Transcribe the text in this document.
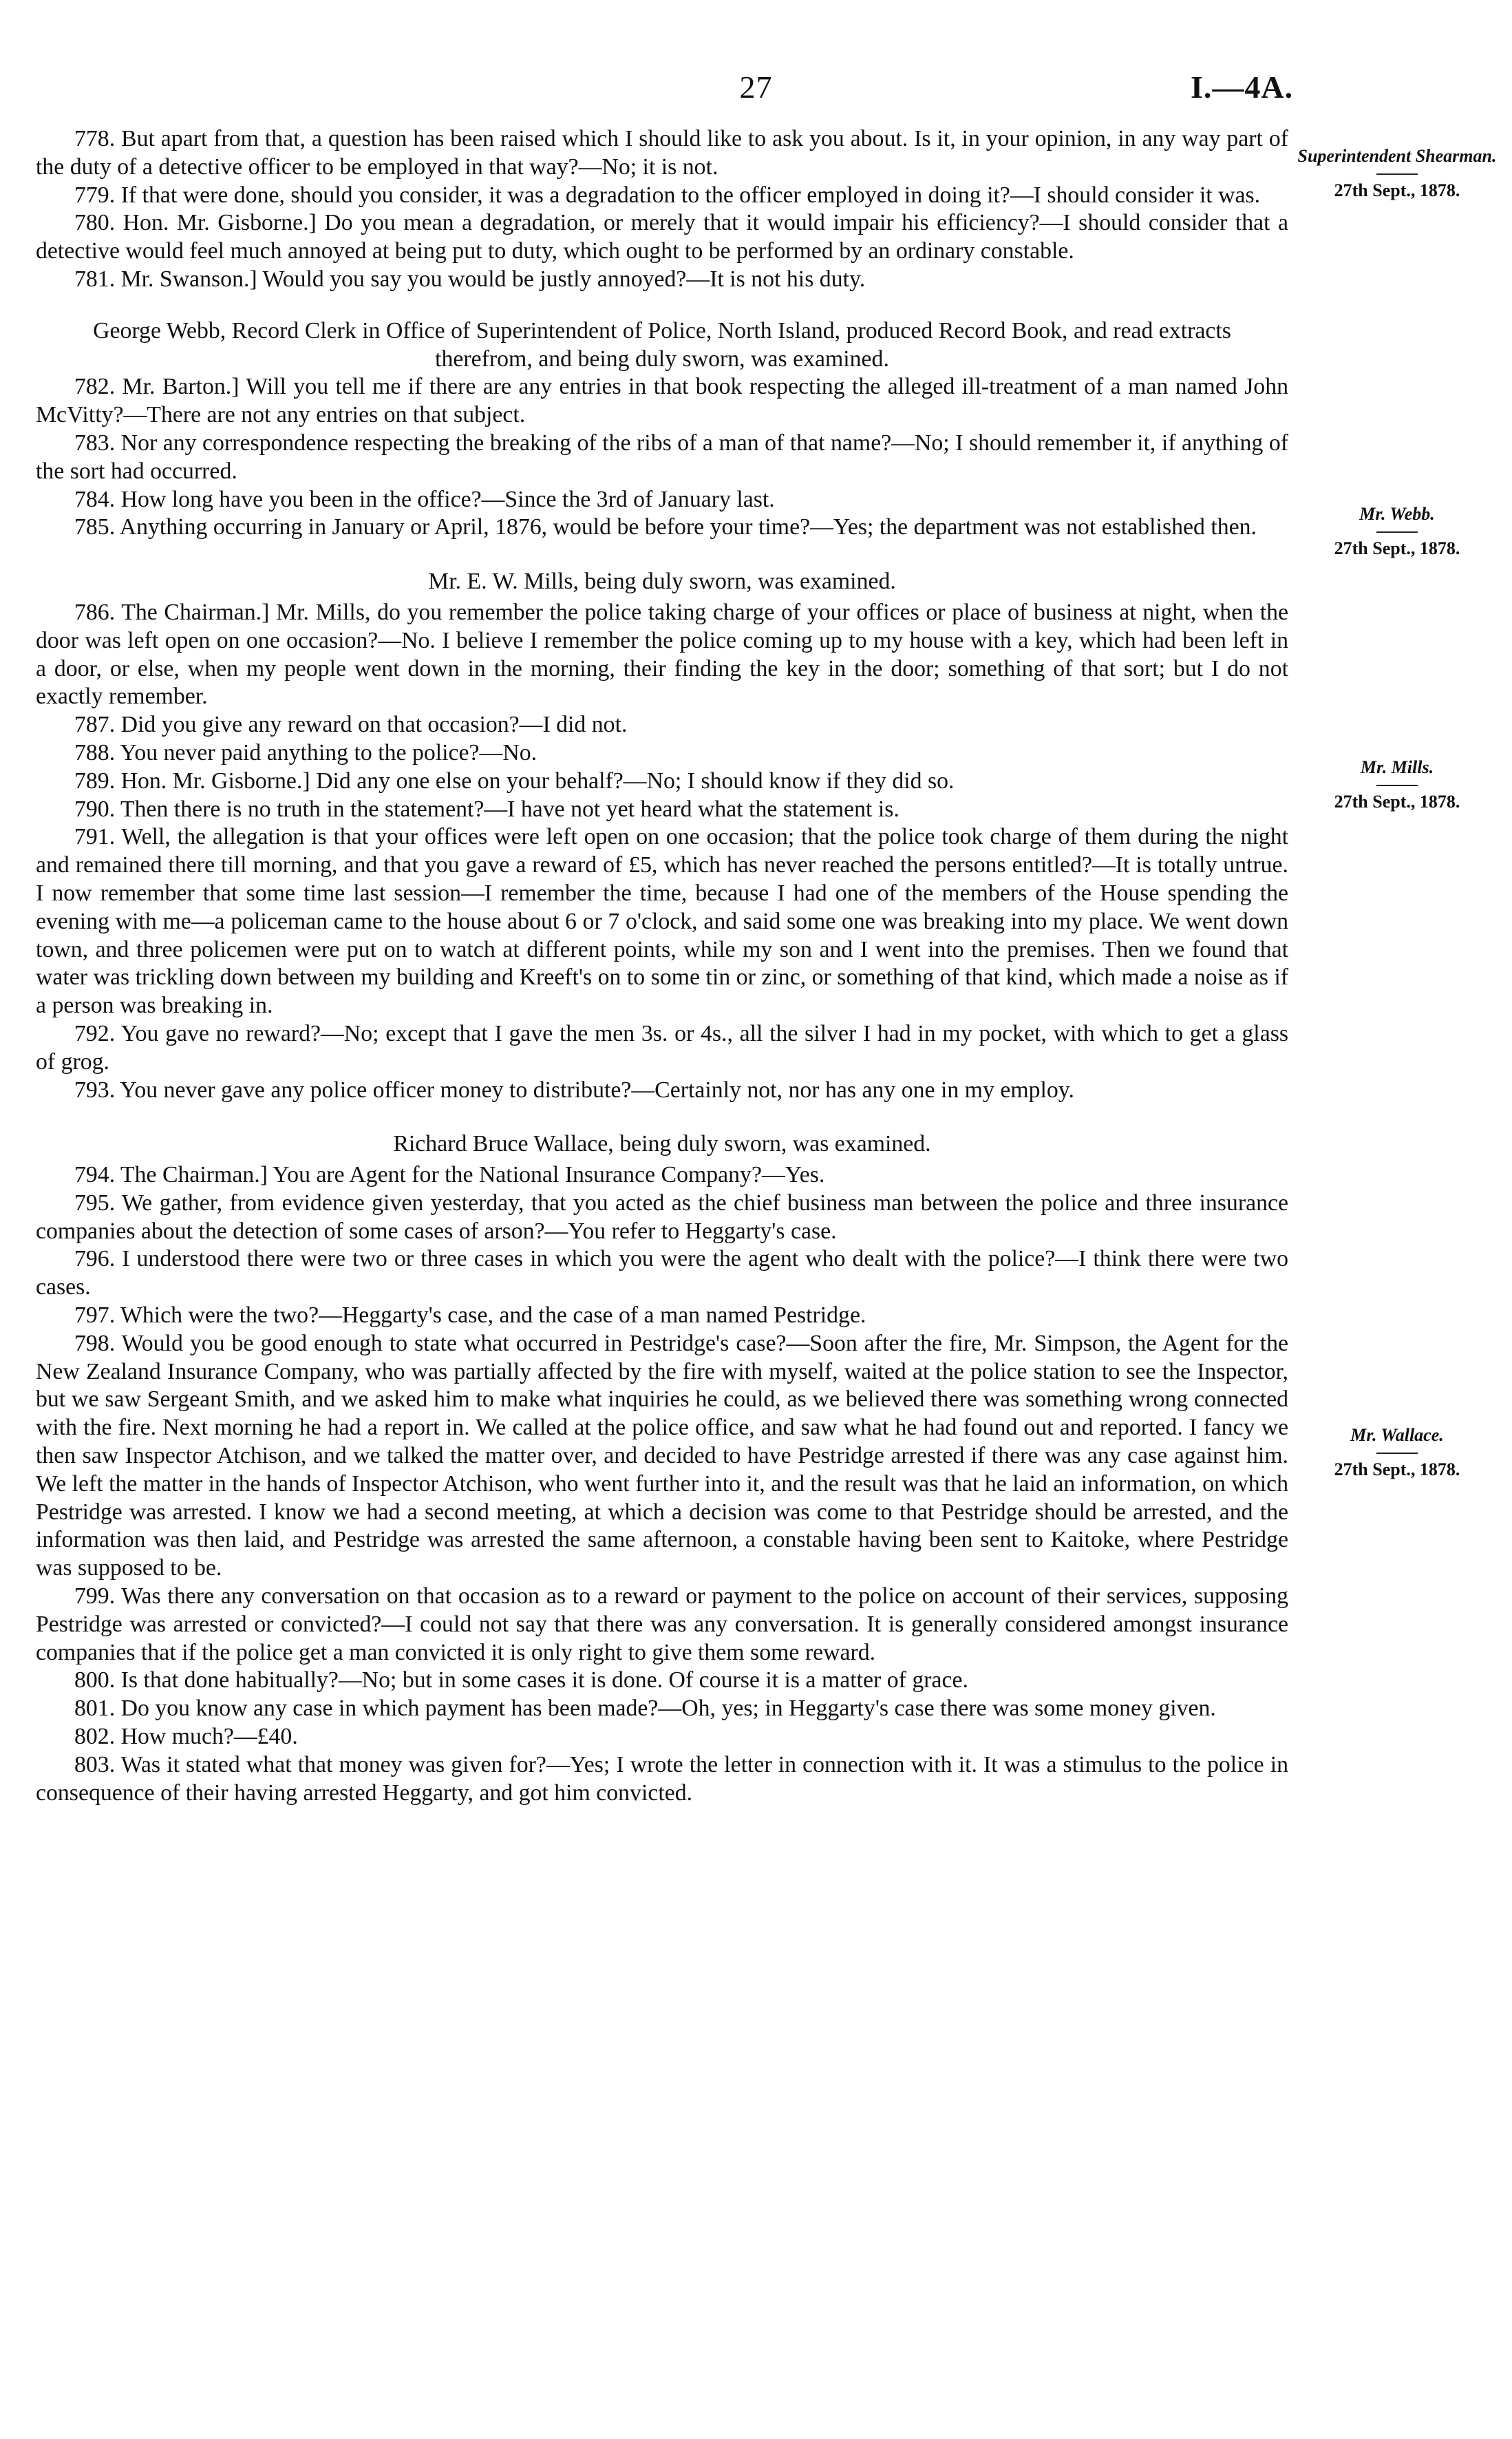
27	I.—4A.
Superintendent Shearman.
27th Sept., 1878.
Mr. Webb.
27th Sept., 1878.
Mr. Mills.
27th Sept., 1878.
Mr. Wallace.
27th Sept., 1878.

778. But apart from that, a question has been raised which I should like to ask you about. Is it, in your opinion, in any way part of the duty of a detective officer to be employed in that way?—No; it is not.

779. If that were done, should you consider, it was a degradation to the officer employed in doing it?—I should consider it was.

780. Hon. Mr. Gisborne.] Do you mean a degradation, or merely that it would impair his efficiency?—I should consider that a detective would feel much annoyed at being put to duty, which ought to be performed by an ordinary constable.

781. Mr. Swanson.] Would you say you would be justly annoyed?—It is not his duty.

George Webb, Record Clerk in Office of Superintendent of Police, North Island, produced Record Book, and read extracts therefrom, and being duly sworn, was examined.

782. Mr. Barton.] Will you tell me if there are any entries in that book respecting the alleged ill-treatment of a man named John McVitty?—There are not any entries on that subject.

783. Nor any correspondence respecting the breaking of the ribs of a man of that name?—No; I should remember it, if anything of the sort had occurred.

784. How long have you been in the office?—Since the 3rd of January last.

785. Anything occurring in January or April, 1876, would be before your time?—Yes; the department was not established then.

Mr. E. W. Mills, being duly sworn, was examined.

786. The Chairman.] Mr. Mills, do you remember the police taking charge of your offices or place of business at night, when the door was left open on one occasion?—No. I believe I remember the police coming up to my house with a key, which had been left in a door, or else, when my people went down in the morning, their finding the key in the door; something of that sort; but I do not exactly remember.

787. Did you give any reward on that occasion?—I did not.

788. You never paid anything to the police?—No.

789. Hon. Mr. Gisborne.] Did any one else on your behalf?—No; I should know if they did so.

790. Then there is no truth in the statement?—I have not yet heard what the statement is.

791. Well, the allegation is that your offices were left open on one occasion; that the police took charge of them during the night and remained there till morning, and that you gave a reward of £5, which has never reached the persons entitled?—It is totally untrue. I now remember that some time last session—I remember the time, because I had one of the members of the House spending the evening with me—a policeman came to the house about 6 or 7 o'clock, and said some one was breaking into my place. We went down town, and three policemen were put on to watch at different points, while my son and I went into the premises. Then we found that water was trickling down between my building and Kreeft's on to some tin or zinc, or something of that kind, which made a noise as if a person was breaking in.

792. You gave no reward?—No; except that I gave the men 3s. or 4s., all the silver I had in my pocket, with which to get a glass of grog.

793. You never gave any police officer money to distribute?—Certainly not, nor has any one in my employ.

Richard Bruce Wallace, being duly sworn, was examined.

794. The Chairman.] You are Agent for the National Insurance Company?—Yes.

795. We gather, from evidence given yesterday, that you acted as the chief business man between the police and three insurance companies about the detection of some cases of arson?—You refer to Heggarty's case.

796. I understood there were two or three cases in which you were the agent who dealt with the police?—I think there were two cases.

797. Which were the two?—Heggarty's case, and the case of a man named Pestridge.

798. Would you be good enough to state what occurred in Pestridge's case?—Soon after the fire, Mr. Simpson, the Agent for the New Zealand Insurance Company, who was partially affected by the fire with myself, waited at the police station to see the Inspector, but we saw Sergeant Smith, and we asked him to make what inquiries he could, as we believed there was something wrong connected with the fire. Next morning he had a report in. We called at the police office, and saw what he had found out and reported. I fancy we then saw Inspector Atchison, and we talked the matter over, and decided to have Pestridge arrested if there was any case against him. We left the matter in the hands of Inspector Atchison, who went further into it, and the result was that he laid an information, on which Pestridge was arrested. I know we had a second meeting, at which a decision was come to that Pestridge should be arrested, and the information was then laid, and Pestridge was arrested the same afternoon, a constable having been sent to Kaitoke, where Pestridge was supposed to be.

799. Was there any conversation on that occasion as to a reward or payment to the police on account of their services, supposing Pestridge was arrested or convicted?—I could not say that there was any conversation. It is generally considered amongst insurance companies that if the police get a man convicted it is only right to give them some reward.

800. Is that done habitually?—No; but in some cases it is done. Of course it is a matter of grace.

801. Do you know any case in which payment has been made?—Oh, yes; in Heggarty's case there was some money given.

802. How much?—£40.

803. Was it stated what that money was given for?—Yes; I wrote the letter in connection with it. It was a stimulus to the police in consequence of their having arrested Heggarty, and got him convicted.
